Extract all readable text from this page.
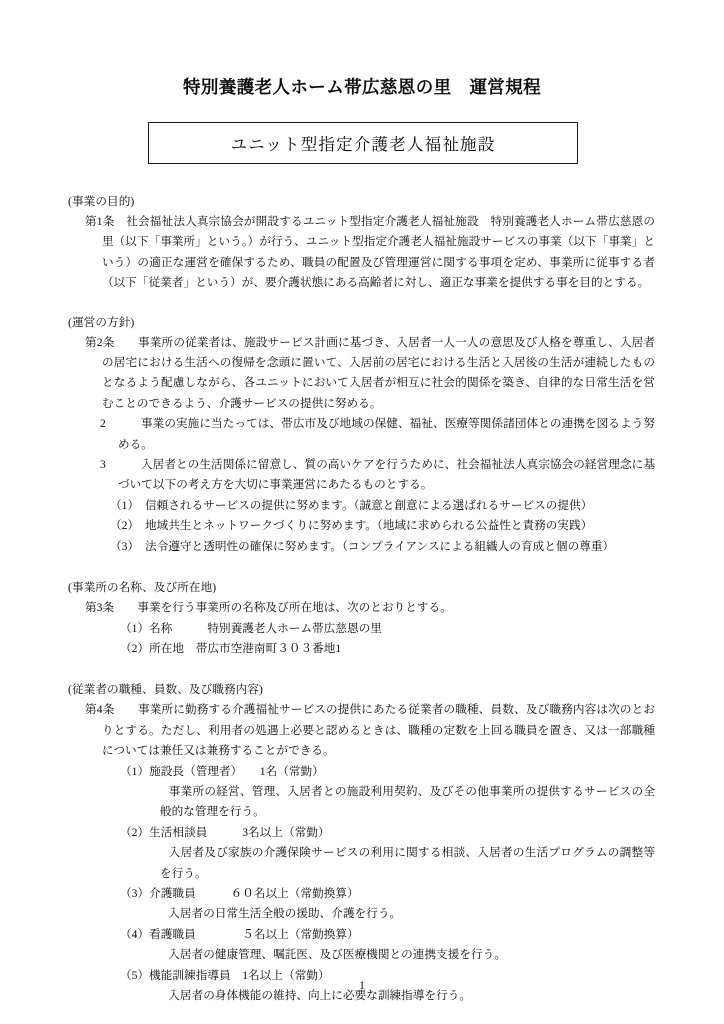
特別養護老人ホーム帯広慈恩の里　運営規程
ユニット型指定介護老人福祉施設

(事業の目的)

第1条　社会福祉法人真宗協会が開設するユニット型指定介護老人福祉施設　特別養護老人ホーム帯広慈恩の里（以下「事業所」という。）が行う、ユニット型指定介護老人福祉施設サービスの事業（以下「事業」という）の適正な運営を確保するため、職員の配置及び管理運営に関する事項を定め、事業所に従事する者（以下「従業者」という）が、要介護状態にある高齢者に対し、適正な事業を提供する事を目的とする。

(運営の方針)

第2条　　事業所の従業者は、施設サービス計画に基づき、入居者一人一人の意思及び人格を尊重し、入居者の居宅における生活への復帰を念頭に置いて、入居前の居宅における生活と入居後の生活が連続したものとなるよう配慮しながら、各ユニットにおいて入居者が相互に社会的関係を築き、自律的な日常生活を営むことのできるよう、介護サービスの提供に努める。

2　　　事業の実施に当たっては、帯広市及び地域の保健、福祉、医療等関係諸団体との連携を図るよう努める。

3　　　入居者との生活関係に留意し、質の高いケアを行うために、社会福祉法人真宗協会の経営理念に基づいて以下の考え方を大切に事業運営にあたるものとする。

（1）　信頼されるサービスの提供に努めます。（誠意と創意による選ばれるサービスの提供）

（2）　地域共生とネットワークづくりに努めます。（地域に求められる公益性と責務の実践）

（3）　法令遵守と透明性の確保に努めます。（コンプライアンスによる組織人の育成と個の尊重）

(事業所の名称、及び所在地)

第3条　　事業を行う事業所の名称及び所在地は、次のとおりとする。

（1）名称　　　特別養護老人ホーム帯広慈恩の里

（2）所在地　帯広市空港南町３０３番地1

(従業者の職種、員数、及び職務内容)

第4条　　事業所に勤務する介護福祉サービスの提供にあたる従業者の職種、員数、及び職務内容は次のとおりとする。ただし、利用者の処遇上必要と認めるときは、職種の定数を上回る職員を置き、又は一部職種については兼任又は兼務することができる。

（1）施設長（管理者）　　1名（常勤）

　　事業所の経営、管理、入居者との施設利用契約、及びその他事業所の提供するサービスの全般的な管理を行う。

（2）生活相談員　　　3名以上（常勤）

　　入居者及び家族の介護保険サービスの利用に関する相談、入居者の生活プログラムの調整等を行う。

（3）介護職員　　　６０名以上（常勤換算）

　　入居者の日常生活全般の援助、介護を行う。

（4）看護職員　　　　５名以上（常勤換算）

　　入居者の健康管理、嘱託医、及び医療機関との連携支援を行う。

（5）機能訓練指導員　1名以上（常勤）

　　入居者の身体機能の維持、向上に必要な訓練指導を行う。

1
